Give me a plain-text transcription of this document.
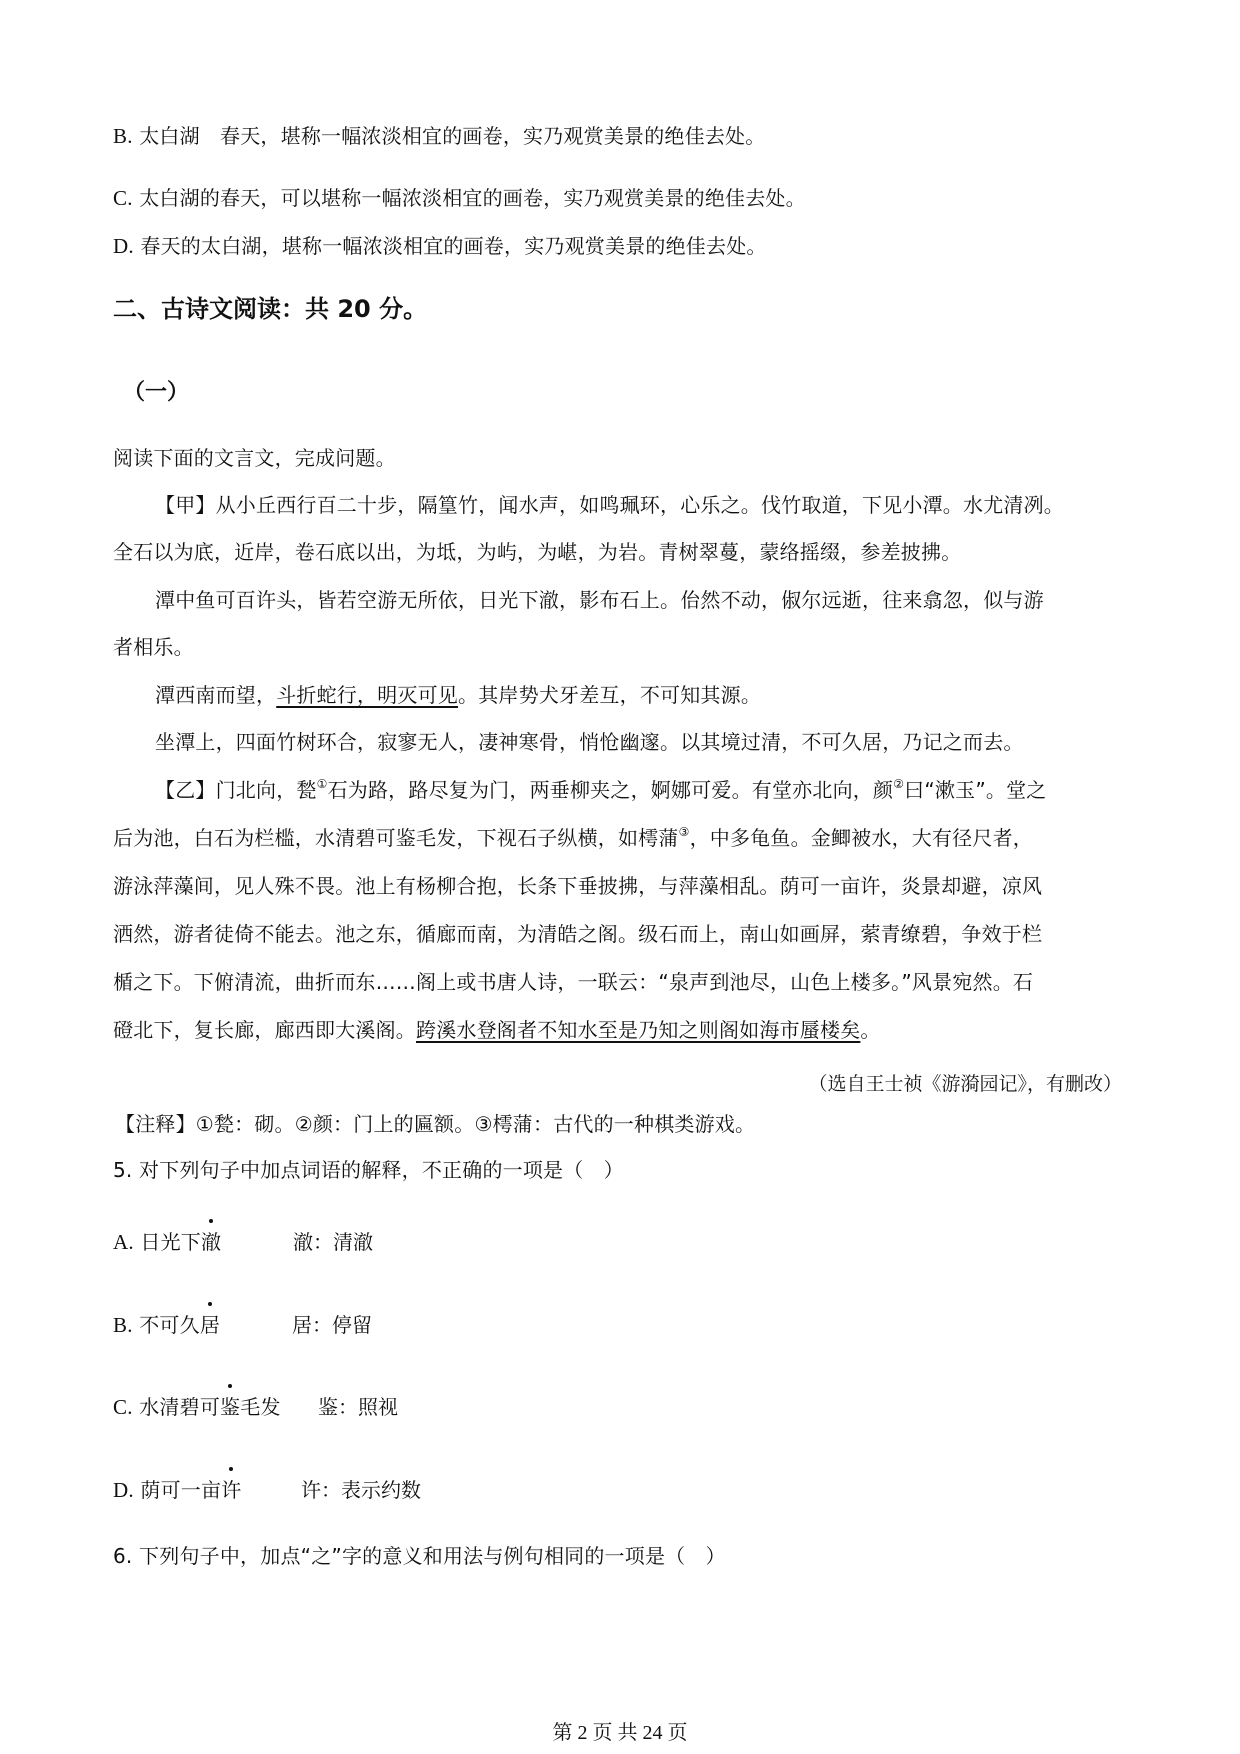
B. 太白湖　春天，堪称一幅浓淡相宜的画卷，实乃观赏美景的绝佳去处。
C. 太白湖的春天，可以堪称一幅浓淡相宜的画卷，实乃观赏美景的绝佳去处。
D. 春天的太白湖，堪称一幅浓淡相宜的画卷，实乃观赏美景的绝佳去处。
二、古诗文阅读：共 20 分。
（一）
阅读下面的文言文，完成问题。
【甲】从小丘西行百二十步，隔篁竹，闻水声，如鸣珮环，心乐之。伐竹取道，下见小潭。水尤清冽。
全石以为底，近岸，卷石底以出，为坻，为屿，为嵁，为岩。青树翠蔓，蒙络摇缀，参差披拂。
潭中鱼可百许头，皆若空游无所依，日光下澈，影布石上。佁然不动，俶尔远逝，往来翕忽，似与游
者相乐。
潭西南而望，斗折蛇行，明灭可见。其岸势犬牙差互，不可知其源。
坐潭上，四面竹树环合，寂寥无人，凄神寒骨，悄怆幽邃。以其境过清，不可久居，乃记之而去。
【乙】门北向，甃①石为路，路尽复为门，两垂柳夹之，婀娜可爱。有堂亦北向，颜②曰“漱玉”。堂之
后为池，白石为栏槛，水清碧可鉴毛发，下视石子纵横，如樗蒲③，中多龟鱼。金鲫被水，大有径尺者，
游泳萍藻间，见人殊不畏。池上有杨柳合抱，长条下垂披拂，与萍藻相乱。荫可一亩许，炎景却避，凉风
洒然，游者徒倚不能去。池之东，循廊而南，为清皓之阁。级石而上，南山如画屏，萦青缭碧，争效于栏
楯之下。下俯清流，曲折而东……阁上或书唐人诗，一联云：“泉声到池尽，山色上楼多。”风景宛然。石
磴北下，复长廊，廊西即大溪阁。跨溪水登阁者不知水至是乃知之则阁如海市蜃楼矣。
（选自王士祯《游漪园记》，有删改）
【注释】①甃：砌。②颜：门上的匾额。③樗蒲：古代的一种棋类游戏。
5. 对下列句子中加点词语的解释，不正确的一项是（　）
A. 日光下澈	澈：清澈
B. 不可久居	居：停留
C. 水清碧可鉴毛发 鉴：照视
D. 荫可一亩许	许：表示约数
6. 下列句子中，加点“之”字的意义和用法与例句相同的一项是（　）
第 2 页 共 24 页
